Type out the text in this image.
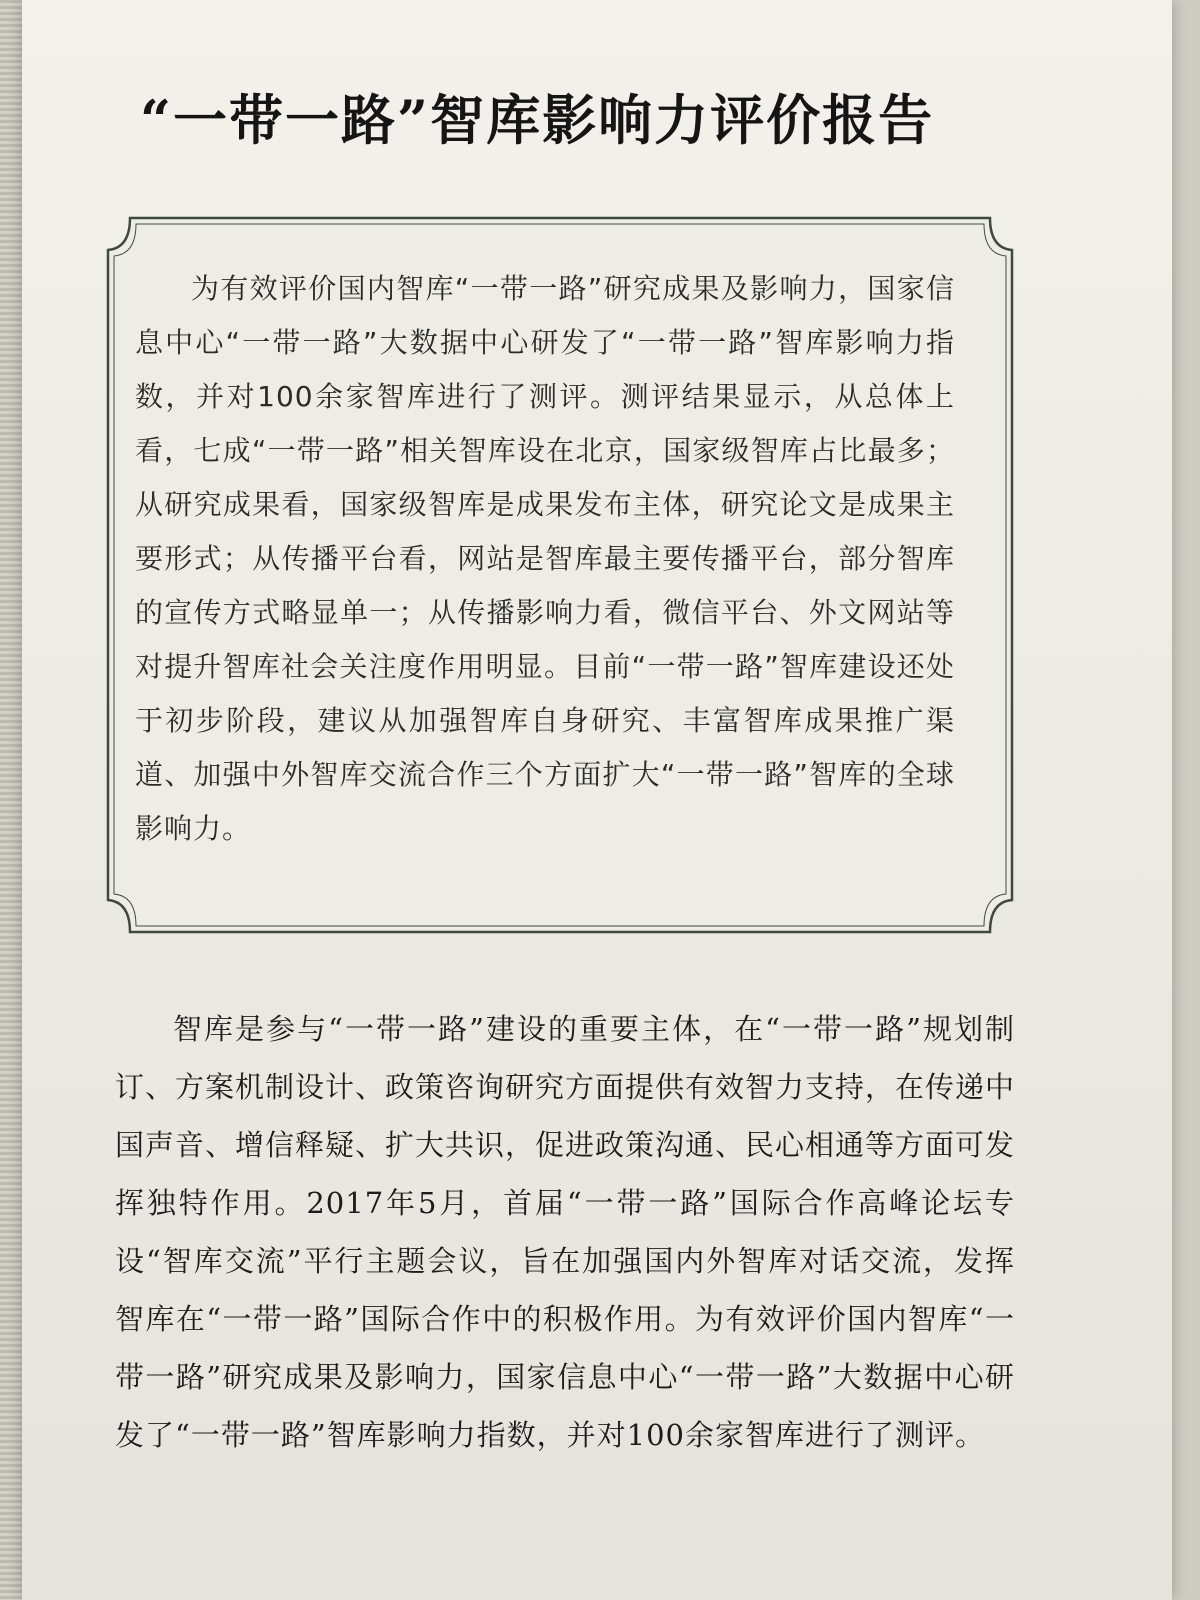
“一带一路”智库影响力评价报告

为有效评价国内智库“一带一路”研究成果及影响力，国家信息中心“一带一路”大数据中心研发了“一带一路”智库影响力指数，并对100余家智库进行了测评。测评结果显示，从总体上看，七成“一带一路”相关智库设在北京，国家级智库占比最多；从研究成果看，国家级智库是成果发布主体，研究论文是成果主要形式；从传播平台看，网站是智库最主要传播平台，部分智库的宣传方式略显单一；从传播影响力看，微信平台、外文网站等对提升智库社会关注度作用明显。目前“一带一路”智库建设还处于初步阶段，建议从加强智库自身研究、丰富智库成果推广渠道、加强中外智库交流合作三个方面扩大“一带一路”智库的全球影响力。

智库是参与“一带一路”建设的重要主体，在“一带一路”规划制订、方案机制设计、政策咨询研究方面提供有效智力支持，在传递中国声音、增信释疑、扩大共识，促进政策沟通、民心相通等方面可发挥独特作用。2017年5月，首届“一带一路”国际合作高峰论坛专设“智库交流”平行主题会议，旨在加强国内外智库对话交流，发挥智库在“一带一路”国际合作中的积极作用。为有效评价国内智库“一带一路”研究成果及影响力，国家信息中心“一带一路”大数据中心研发了“一带一路”智库影响力指数，并对100余家智库进行了测评。
